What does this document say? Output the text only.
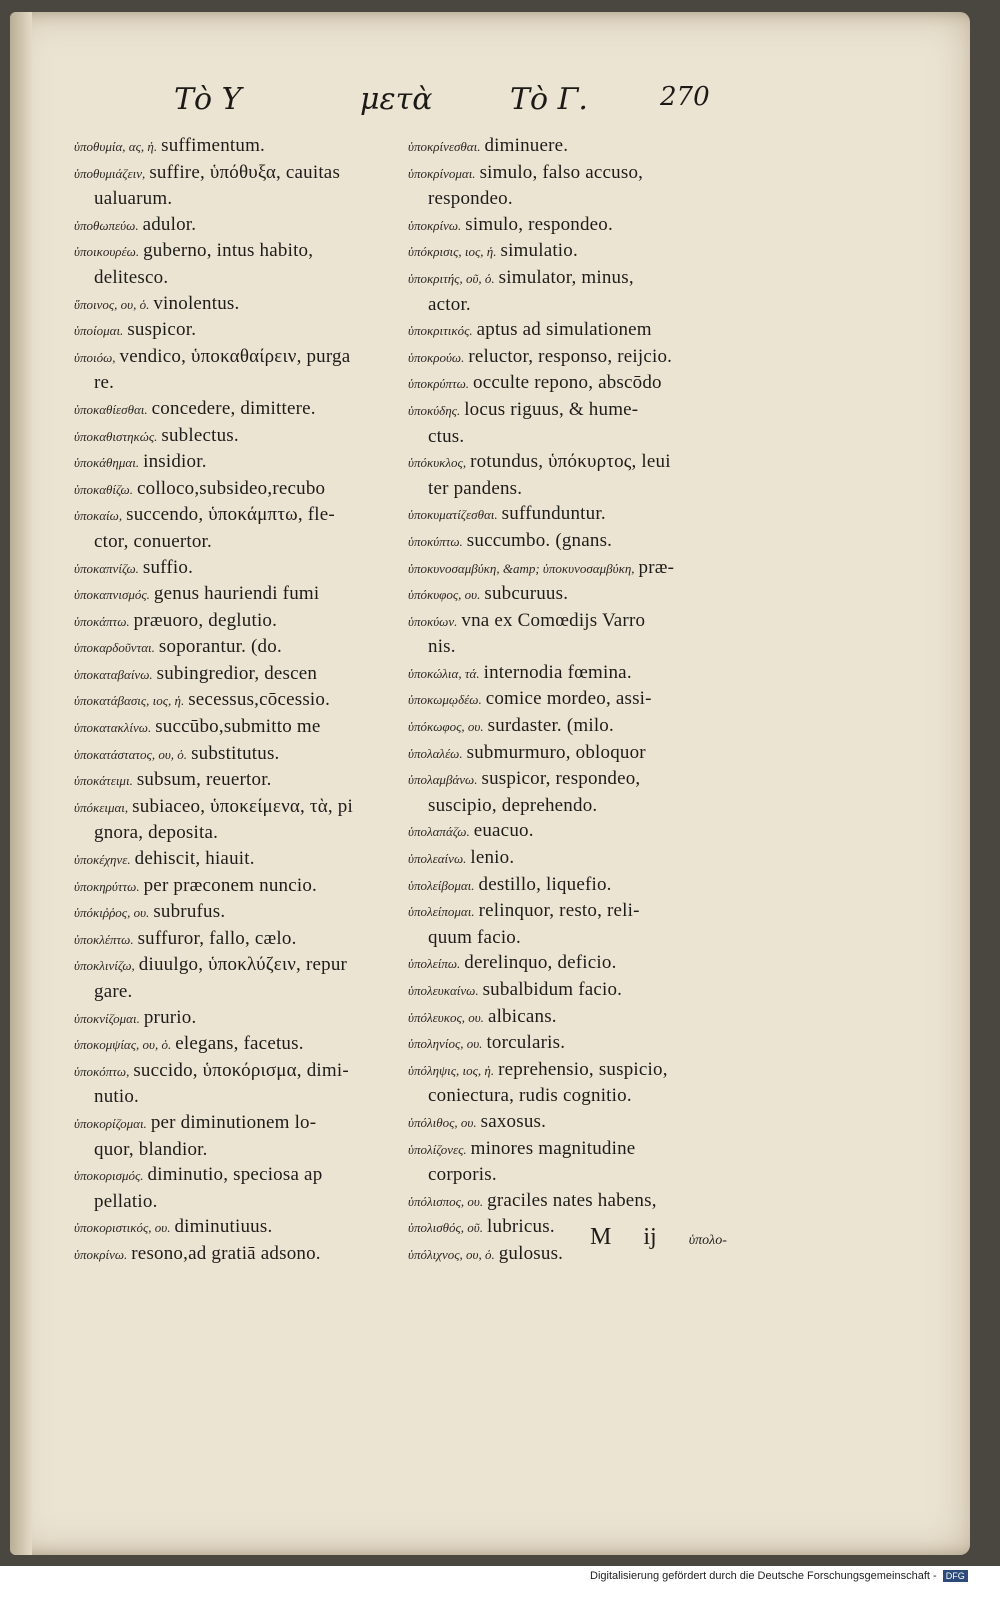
Τὸ Υ	μετὰ	Τὸ Γ.	270
ὑποθυμία, ας, ἡ. suffimentum.
ὑποθυμιάζειν, suffire, ὑπόθυξα, cauitas
ualuarum.
ὑποθωπεύω. adulor.
ὑποικουρέω. guberno, intus habito,
delitesco.
ὕποινος, ου, ὁ. vinolentus.
ὑποίομαι. suspicor.
ὑποιόω, vendico, ὑποκαθαίρειν, purga
re.
ὑποκαθίεσθαι. concedere, dimittere.
ὑποκαθιστηκώς. sublectus.
ὑποκάθημαι. insidior.
ὑποκαθίζω. colloco,subsideo,recubo
ὑποκαίω, succendo, ὑποκάμπτω, fle-
ctor, conuertor.
ὑποκαπνίζω. suffio.
ὑποκαπνισμός. genus hauriendi fumi
ὑποκάπτω. præuoro, deglutio.
ὑποκαρδοῦνται. soporantur. (do.
ὑποκαταβαίνω. subingredior, descen
ὑποκατάβασις, ιος, ἡ. secessus,cōcessio.
ὑποκατακλίνω. succūbo,submitto me
ὑποκατάστατος, ου, ὁ. substitutus.
ὑποκάτειμι. subsum, reuertor.
ὑπόκειμαι, subiaceo, ὑποκείμενα, τὰ, pi
gnora, deposita.
ὑποκέχηνε. dehiscit, hiauit.
ὑποκηρύττω. per præconem nuncio.
ὑπόκιῤῥος, ου. subrufus.
ὑποκλέπτω. suffuror, fallo, cælo.
ὑποκλινίζω, diuulgo, ὑποκλύζειν, repur
gare.
ὑποκνίζομαι. prurio.
ὑποκομψίας, ου, ὁ. elegans, facetus.
ὑποκόπτω, succido, ὑποκόρισμα, dimi-
nutio.
ὑποκορίζομαι. per diminutionem lo-
quor, blandior.
ὑποκορισμός. diminutio, speciosa ap
pellatio.
ὑποκοριστικός, ου. diminutiuus.
ὑποκρίνω. resono,ad gratiā adsono.
ὑποκρίνεσθαι. diminuere.
ὑποκρίνομαι. simulo, falso accuso,
respondeo.
ὑποκρίνω. simulo, respondeo.
ὑπόκρισις, ιος, ἡ. simulatio.
ὑποκριτής, οῦ, ὁ. simulator, minus,
actor.
ὑποκριτικός. aptus ad simulationem
ὑποκρούω. reluctor, responso, reijcio.
ὑποκρύπτω. occulte repono, abscōdo
ὑποκύδης. locus riguus, & hume-
ctus.
ὑπόκυκλος, rotundus, ὑπόκυρτος, leui
ter pandens.
ὑποκυματίζεσθαι. suffunduntur.
ὑποκύπτω. succumbo. (gnans.
ὑποκυνοσαμβύκη, &amp; ὑποκυνοσαμβύκη, præ-
ὑπόκυφος, ου. subcuruus.
ὑποκύων. vna ex Comœdijs Varro
nis.
ὑποκώλια, τά. internodia fœmina.
ὑποκωμῳδέω. comice mordeo, assi-
ὑπόκωφος, ου. surdaster. (milo.
ὑπολαλέω. submurmuro, obloquor
ὑπολαμβάνω. suspicor, respondeo,
suscipio, deprehendo.
ὑπολαπάζω. euacuo.
ὑπολεαίνω. lenio.
ὑπολείβομαι. destillo, liquefio.
ὑπολείπομαι. relinquor, resto, reli-
quum facio.
ὑπολείπω. derelinquo, deficio.
ὑπολευκαίνω. subalbidum facio.
ὑπόλευκος, ου. albicans.
ὑποληνίος, ου. torcularis.
ὑπόληψις, ιος, ἡ. reprehensio, suspicio,
coniectura, rudis cognitio.
ὑπόλιθος, ου. saxosus.
ὑπολίζονες. minores magnitudine
corporis.
ὑπόλισπος, ου. graciles nates habens,
ὑπολισθός, οῦ. lubricus.
ὑπόλιχνος, ου, ὁ. gulosus.
M ij ὑπολο-
Digitalisierung gefördert durch die Deutsche Forschungsgemeinschaft - DFG
